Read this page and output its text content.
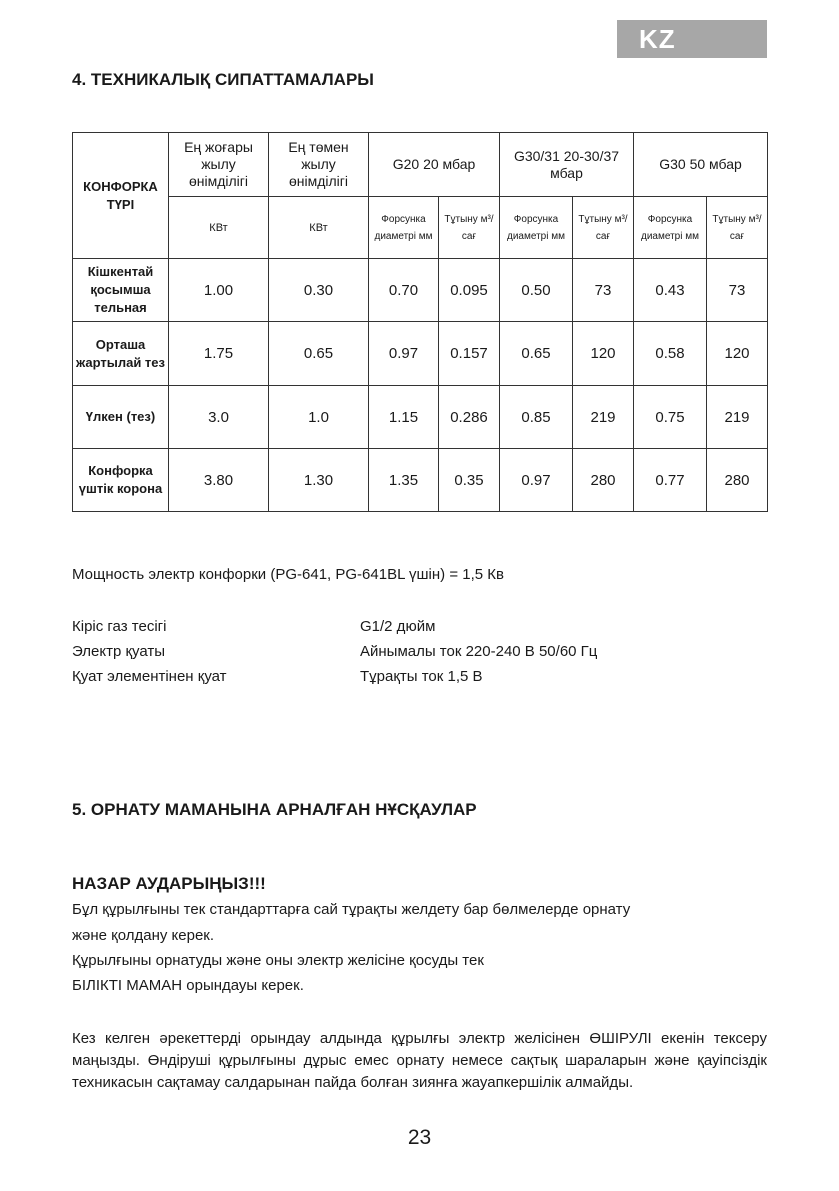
KZ
4. ТЕХНИКАЛЫҚ СИПАТТАМАЛАРЫ
КОНФОРКА ТҮРІ	Ең жоғары жылу өнімділігі	Ең төмен жылу өнімділігі	G20 20 мбар		G30/31 20-30/37 мбар		G30 50 мбар	
	КВт	КВт	Форсунка диаметрі мм	Тұтыну м³/сағ	Форсунка диаметрі мм	Тұтыну м³/сағ	Форсунка диаметрі мм	Тұтыну м³/сағ
Кішкентай қосымша тельная	1.00	0.30	0.70	0.095	0.50	73	0.43	73
Орташа жартылай тез	1.75	0.65	0.97	0.157	0.65	120	0.58	120
Үлкен (тез)	3.0	1.0	1.15	0.286	0.85	219	0.75	219
Конфорка үштік корона	3.80	1.30	1.35	0.35	0.97	280	0.77	280
Мощность электр конфорки (PG-641, PG-641BL үшін) = 1,5 Кв
Кіріс газ тесігі	G1/2 дюйм
Электр қуаты	Айнымалы ток 220-240 В 50/60 Гц
Қуат элементінен қуат	Тұрақты ток 1,5 В
5. ОРНАТУ МАМАНЫНА АРНАЛҒАН НҰСҚАУЛАР
НАЗАР АУДАРЫҢЫЗ!!!
Бұл құрылғыны тек стандарттарға сай тұрақты желдету бар бөлмелерде орнату
және қолдану керек.
Құрылғыны орнатуды және оны электр желісіне қосуды тек
БІЛІКТІ МАМАН орындауы керек.
Кез келген әрекеттерді орындау алдында құрылғы электр желісінен ӨШІРУЛІ екенін тексеру маңызды. Өндіруші құрылғыны дұрыс емес орнату немесе сақтық шараларын және қауіпсіздік техникасын сақтамау салдарынан пайда болған зиянға жауапкершілік алмайды.
23
